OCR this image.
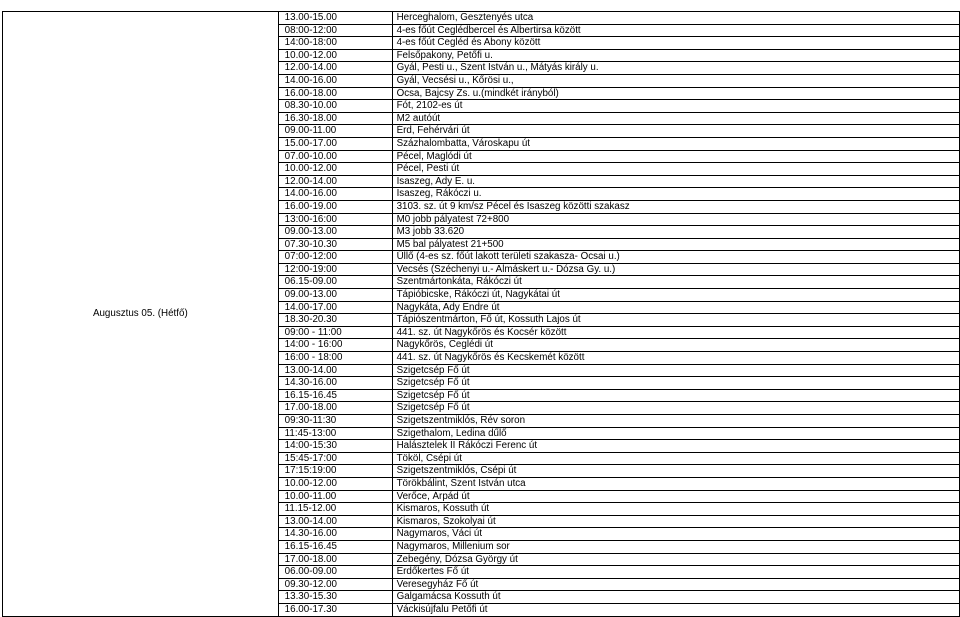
Augusztus 05. (Hétfő)	13.00-15.00	Herceghalom, Gesztenyés utca
	08:00-12:00	4-es főút Ceglédbercel és Albertirsa között
	14:00-18:00	4-es főút Cegléd és Abony között
	10.00-12.00	Felsőpakony, Petőfi u.
	12.00-14.00	Gyál, Pesti u., Szent István u., Mátyás király u.
	14.00-16.00	Gyál, Vecsési u., Kőrösi u.,
	16.00-18.00	Ócsa, Bajcsy Zs. u.(mindkét irányból)
	08.30-10.00	Fót, 2102-es út
	16.30-18.00	M2 autóút
	09.00-11.00	Érd, Fehérvári út
	15.00-17.00	Százhalombatta, Városkapu út
	07.00-10.00	Pécel, Maglódi út
	10.00-12.00	Pécel, Pesti út
	12.00-14.00	Isaszeg, Ady E. u.
	14.00-16.00	Isaszeg, Rákóczi u.
	16.00-19.00	3103. sz. út 9 km/sz Pécel és Isaszeg közötti szakasz
	13:00-16:00	M0 jobb pályatest 72+800
	09.00-13.00	M3 jobb 33.620
	07.30-10.30	M5 bal pályatest 21+500
	07:00-12:00	Üllő (4-es sz. főút lakott területi szakasza- Ócsai u.)
	12:00-19:00	Vecsés (Széchenyi u.- Almáskert u.- Dózsa Gy. u.)
	06.15-09.00	Szentmártonkáta, Rákóczi út
	09.00-13.00	Tápióbicske, Rákóczi út, Nagykátai út
	14.00-17.00	Nagykáta, Ady Endre út
	18.30-20.30	Tápiószentmárton, Fő út, Kossuth Lajos út
	09:00 - 11:00	441. sz. út Nagykőrös és Kocsér között
	14:00 - 16:00	Nagykőrös, Ceglédi út
	16:00 - 18:00	441. sz. út Nagykőrös és Kecskemét között
	13.00-14.00	Szigetcsép Fő út
	14.30-16.00	Szigetcsép Fő út
	16.15-16.45	Szigetcsép Fő út
	17.00-18.00	Szigetcsép Fő út
	09:30-11:30	Szigetszentmiklós, Rév soron
	11:45-13:00	Szigethalom, Ledina dűlő
	14:00-15:30	Halásztelek II Rákóczi Ferenc út
	15:45-17:00	Tököl, Csépi út
	17:15:19:00	Szigetszentmiklós, Csépi út
	10.00-12.00	Törökbálint, Szent István utca
	10.00-11.00	Verőce, Árpád út
	11.15-12.00	Kismaros, Kossuth út
	13.00-14.00	Kismaros, Szokolyai út
	14.30-16.00	Nagymaros, Váci út
	16.15-16.45	Nagymaros, Millenium sor
	17.00-18.00	Zebegény, Dózsa György út
	06.00-09.00	Erdőkertes Fő út
	09.30-12.00	Veresegyház Fő út
	13.30-15.30	Galgamácsa Kossuth út
	16.00-17.30	Váckisújfalu Petőfi út
